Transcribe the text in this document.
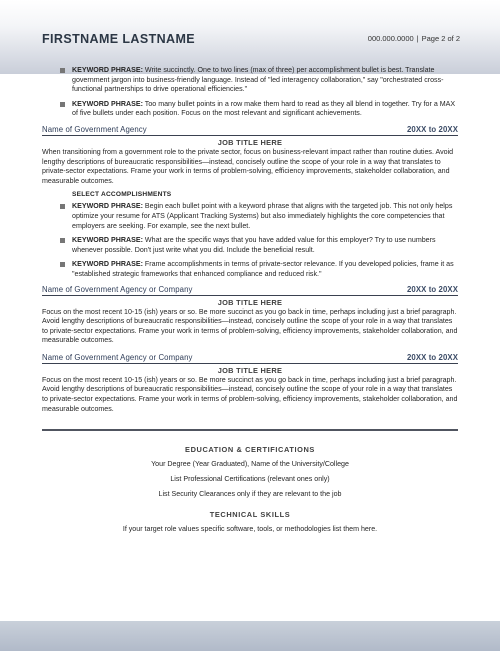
FIRSTNAME LASTNAME	000.000.0000 | Page 2 of 2
KEYWORD PHRASE: Write succinctly. One to two lines (max of three) per accomplishment bullet is best. Translate government jargon into business-friendly language. Instead of "led interagency collaboration," say "orchestrated cross-functional partnerships to drive operational efficiencies."
KEYWORD PHRASE: Too many bullet points in a row make them hard to read as they all blend in together. Try for a MAX of five bullets under each position. Focus on the most relevant and significant achievements.
Name of Government Agency	20XX to 20XX
JOB TITLE HERE
When transitioning from a government role to the private sector, focus on business-relevant impact rather than routine duties. Avoid lengthy descriptions of bureaucratic responsibilities—instead, concisely outline the scope of your role in a way that translates to private-sector expectations. Frame your work in terms of problem-solving, efficiency improvements, stakeholder collaboration, and measurable outcomes.
SELECT ACCOMPLISHMENTS
KEYWORD PHRASE: Begin each bullet point with a keyword phrase that aligns with the targeted job. This not only helps optimize your resume for ATS (Applicant Tracking Systems) but also immediately highlights the core competencies that employers are seeking. For example, see the next bullet.
KEYWORD PHRASE: What are the specific ways that you have added value for this employer? Try to use numbers whenever possible. Don't just write what you did. Include the beneficial result.
KEYWORD PHRASE: Frame accomplishments in terms of private-sector relevance. If you developed policies, frame it as "established strategic frameworks that enhanced compliance and reduced risk."
Name of Government Agency or Company	20XX to 20XX
JOB TITLE HERE
Focus on the most recent 10-15 (ish) years or so. Be more succinct as you go back in time, perhaps including just a brief paragraph. Avoid lengthy descriptions of bureaucratic responsibilities—instead, concisely outline the scope of your role in a way that translates to private-sector expectations. Frame your work in terms of problem-solving, efficiency improvements, stakeholder collaboration, and measurable outcomes.
Name of Government Agency or Company	20XX to 20XX
JOB TITLE HERE
Focus on the most recent 10-15 (ish) years or so. Be more succinct as you go back in time, perhaps including just a brief paragraph. Avoid lengthy descriptions of bureaucratic responsibilities—instead, concisely outline the scope of your role in a way that translates to private-sector expectations. Frame your work in terms of problem-solving, efficiency improvements, stakeholder collaboration, and measurable outcomes.
EDUCATION & CERTIFICATIONS
Your Degree (Year Graduated), Name of the University/College
List Professional Certifications (relevant ones only)
List Security Clearances only if they are relevant to the job
TECHNICAL SKILLS
If your target role values specific software, tools, or methodologies list them here.
